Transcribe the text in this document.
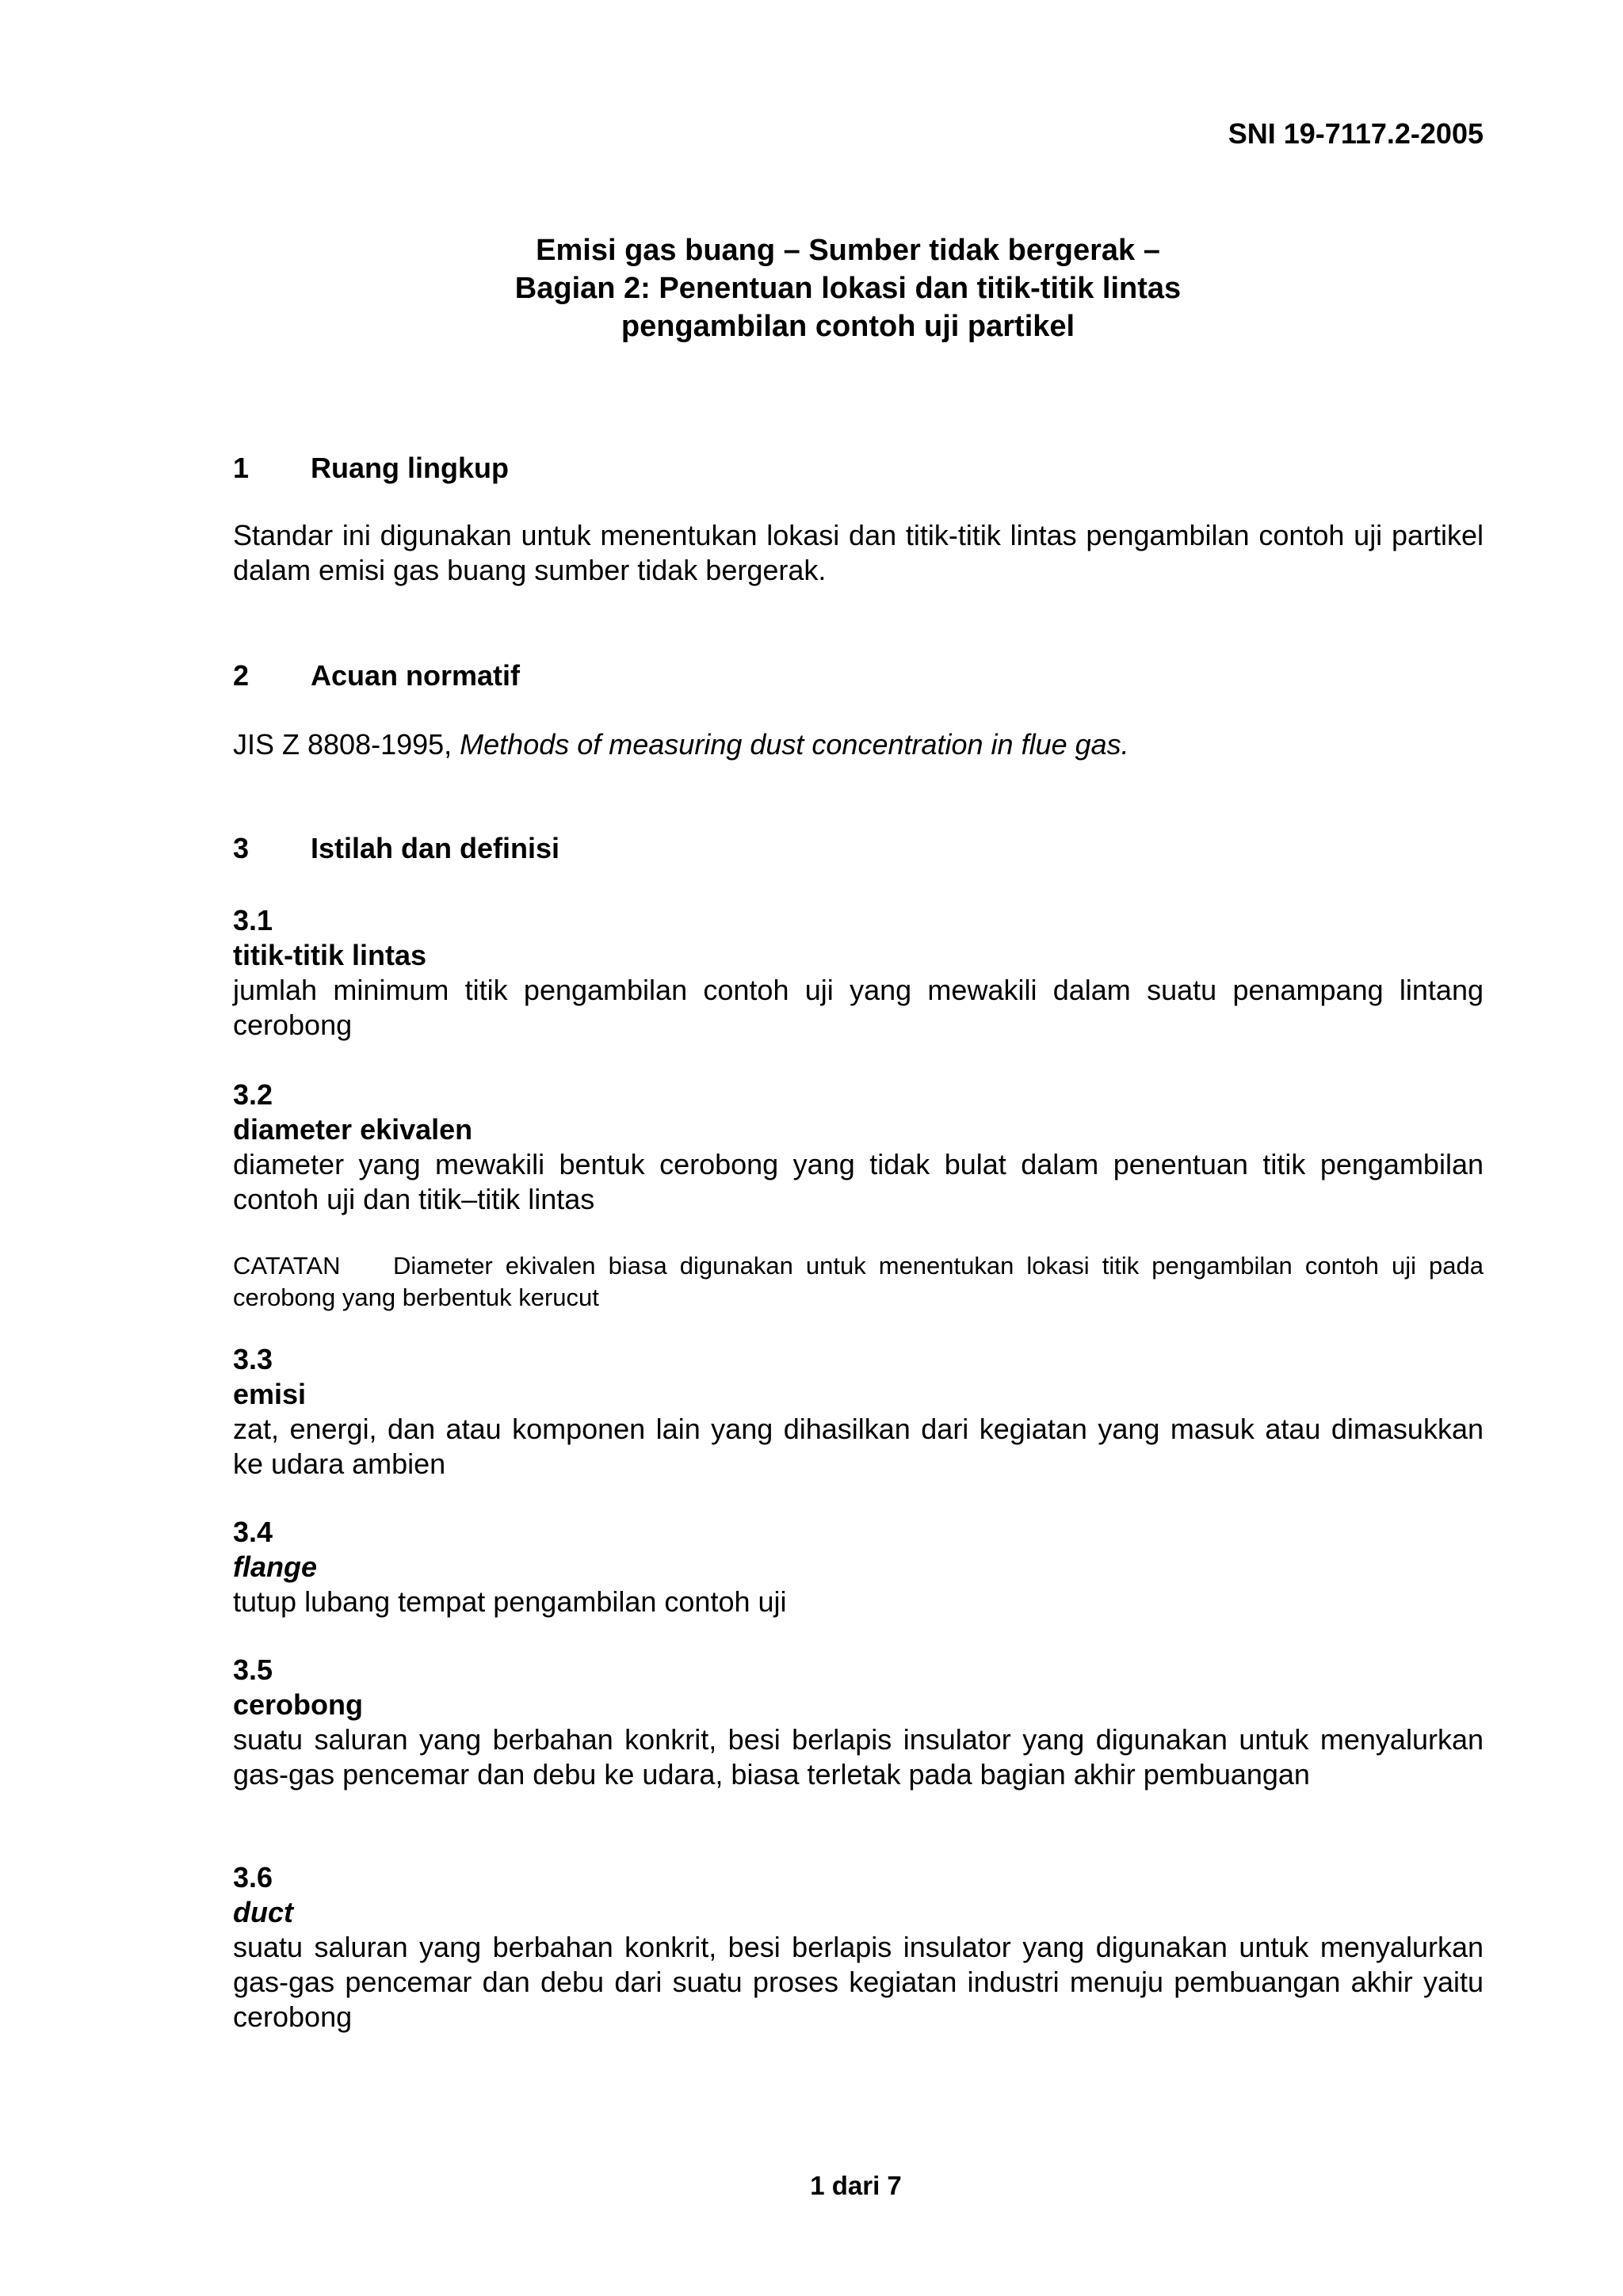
SNI 19-7117.2-2005
Emisi gas buang – Sumber tidak bergerak –
Bagian 2: Penentuan lokasi dan titik-titik lintas
pengambilan contoh uji partikel
1 Ruang lingkup
Standar ini digunakan untuk menentukan lokasi dan titik-titik lintas pengambilan contoh uji partikel dalam emisi gas buang sumber tidak bergerak.
2 Acuan normatif
JIS Z 8808-1995, Methods of measuring dust concentration in flue gas.
3 Istilah dan definisi
3.1
titik-titik lintas
jumlah minimum titik pengambilan contoh uji yang mewakili dalam suatu penampang lintang cerobong
3.2
diameter ekivalen
diameter yang mewakili bentuk cerobong yang tidak bulat dalam penentuan titik pengambilan contoh uji dan titik–titik lintas
CATATAN Diameter ekivalen biasa digunakan untuk menentukan lokasi titik pengambilan contoh uji pada cerobong yang berbentuk kerucut
3.3
emisi
zat, energi, dan atau komponen lain yang dihasilkan dari kegiatan yang masuk atau dimasukkan ke udara ambien
3.4
flange
tutup lubang tempat pengambilan contoh uji
3.5
cerobong
suatu saluran yang berbahan konkrit, besi berlapis insulator yang digunakan untuk menyalurkan gas-gas pencemar dan debu ke udara, biasa terletak pada bagian akhir pembuangan
3.6
duct
suatu saluran yang berbahan konkrit, besi berlapis insulator yang digunakan untuk menyalurkan gas-gas pencemar dan debu dari suatu proses kegiatan industri menuju pembuangan akhir yaitu cerobong
1 dari 7
